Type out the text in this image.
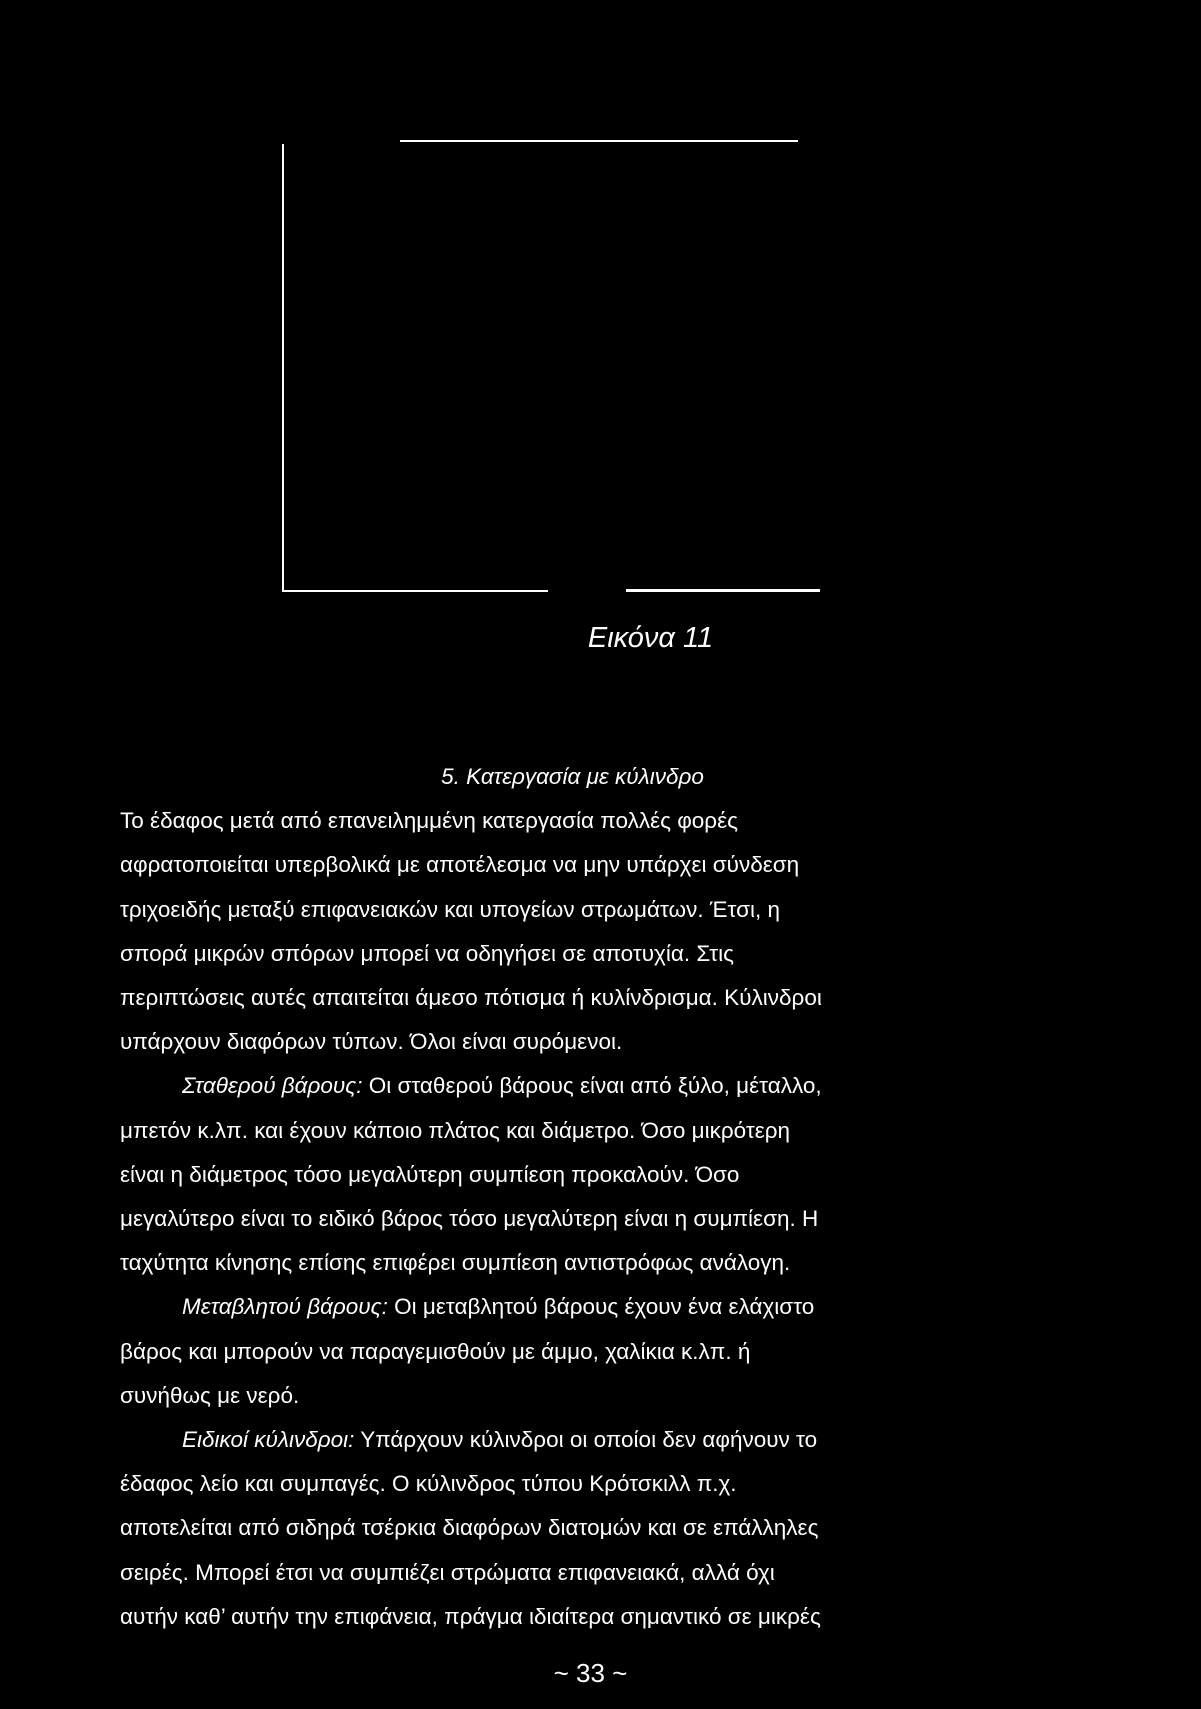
Εικόνα 11
5. Κατεργασία με κύλινδρο
Το έδαφος μετά από επανειλημμένη κατεργασία πολλές φορές
αφρατοποιείται υπερβολικά με αποτέλεσμα να μην υπάρχει σύνδεση
τριχοειδής μεταξύ επιφανειακών και υπογείων στρωμάτων. Έτσι, η
σπορά μικρών σπόρων μπορεί να οδηγήσει σε αποτυχία. Στις
περιπτώσεις αυτές απαιτείται άμεσο πότισμα ή κυλίνδρισμα. Κύλινδροι
υπάρχουν διαφόρων τύπων. Όλοι είναι συρόμενοι.
Σταθερού βάρους: Οι σταθερού βάρους είναι από ξύλο, μέταλλο,
μπετόν κ.λπ. και έχουν κάποιο πλάτος και διάμετρο. Όσο μικρότερη
είναι η διάμετρος τόσο μεγαλύτερη συμπίεση προκαλούν. Όσο
μεγαλύτερο είναι το ειδικό βάρος τόσο μεγαλύτερη είναι η συμπίεση. Η
ταχύτητα κίνησης επίσης επιφέρει συμπίεση αντιστρόφως ανάλογη.
Μεταβλητού βάρους: Οι μεταβλητού βάρους έχουν ένα ελάχιστο
βάρος και μπορούν να παραγεμισθούν με άμμο, χαλίκια κ.λπ. ή
συνήθως με νερό.
Ειδικοί κύλινδροι: Υπάρχουν κύλινδροι οι οποίοι δεν αφήνουν το
έδαφος λείο και συμπαγές. Ο κύλινδρος τύπου Κρότσκιλλ π.χ.
αποτελείται από σιδηρά τσέρκια διαφόρων διατομών και σε επάλληλες
σειρές. Μπορεί έτσι να συμπιέζει στρώματα επιφανειακά, αλλά όχι
αυτήν καθ’ αυτήν την επιφάνεια, πράγμα ιδιαίτερα σημαντικό σε μικρές
~ 33 ~
